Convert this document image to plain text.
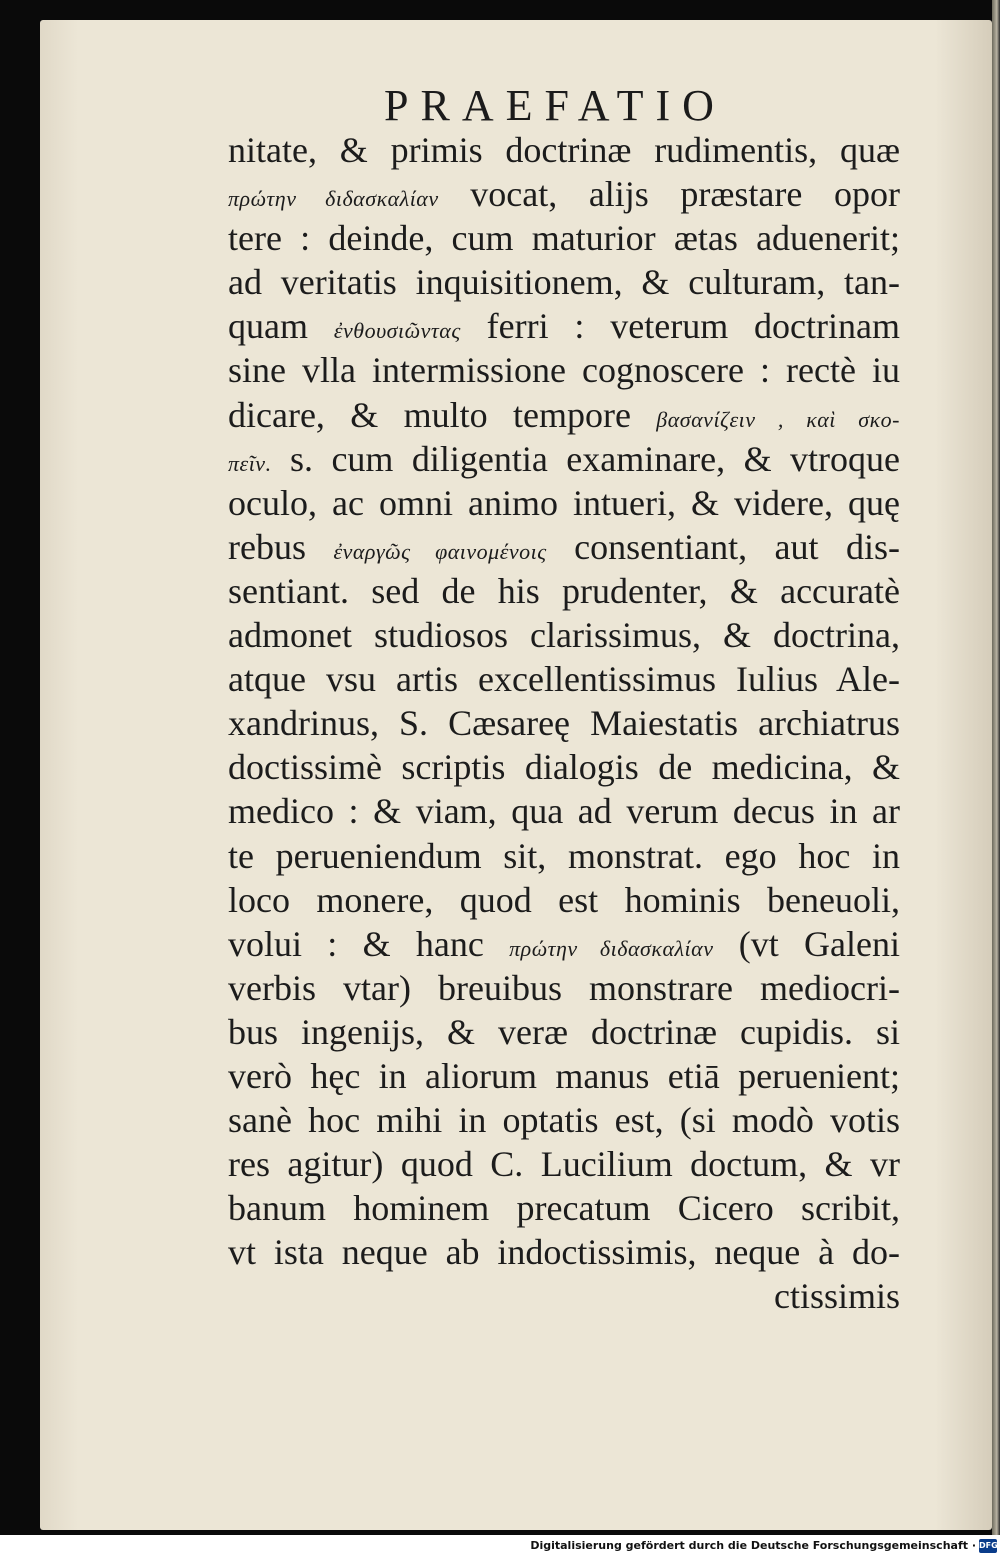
PRAEFATIO
nitate, & primis doctrinæ rudimentis, quæ
πρώτην διδασκαλίαν vocat, alijs præstare opor
tere : deinde, cum maturior ætas aduenerit;
ad veritatis inquisitionem, & culturam, tan-
quam ἐνθουσιῶντας ferri : veterum doctrinam
sine vlla intermissione cognoscere : rectè iu
dicare, & multo tempore βασανίζειν , καὶ σκο-
πεῖν. s. cum diligentia examinare, & vtroque
oculo, ac omni animo intueri, & videre, quę
rebus ἐναργῶς φαινομένοις consentiant, aut dis-
sentiant. sed de his prudenter, & accuratè
admonet studiosos clarissimus, & doctrina,
atque vsu artis excellentissimus Iulius Ale-
xandrinus, S. Cæsareę Maiestatis archiatrus
doctissimè scriptis dialogis de medicina, &
medico : & viam, qua ad verum decus in ar
te perueniendum sit, monstrat. ego hoc in
loco monere, quod est hominis beneuoli,
volui : & hanc πρώτην διδασκαλίαν (vt Galeni
verbis vtar) breuibus monstrare mediocri-
bus ingenijs, & veræ doctrinæ cupidis. si
verò hęc in aliorum manus etiā peruenient;
sanè hoc mihi in optatis est, (si modò votis
res agitur) quod C. Lucilium doctum, & vr
banum hominem precatum Cicero scribit,
vt ista neque ab indoctissimis, neque à do-
ctissimis
Digitalisierung gefördert durch die Deutsche Forschungsgemeinschaft · DFG
